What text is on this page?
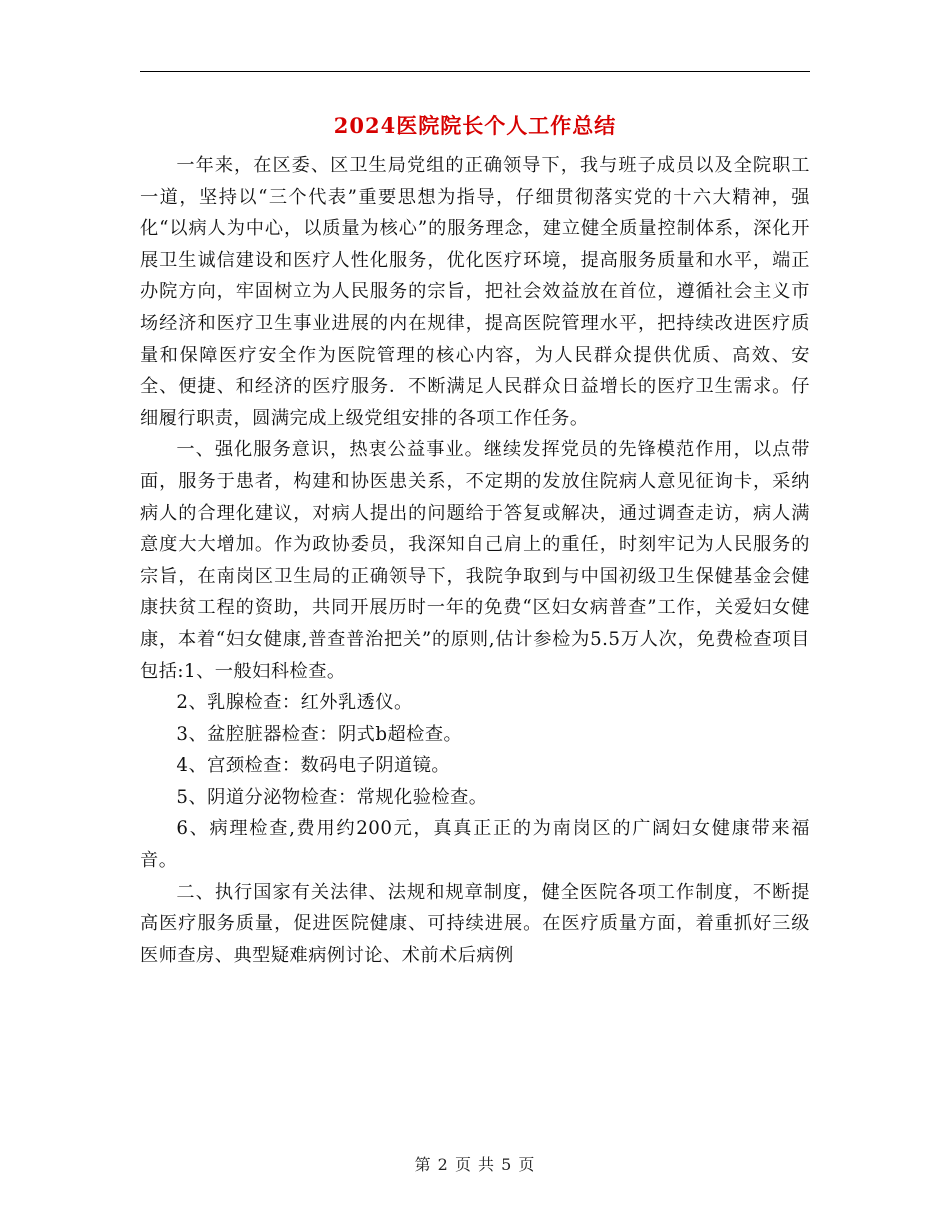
2024医院院长个人工作总结

一年来，在区委、区卫生局党组的正确领导下，我与班子成员以及全院职工一道，坚持以“三个代表”重要思想为指导，仔细贯彻落实党的十六大精神，强化“以病人为中心，以质量为核心”的服务理念，建立健全质量控制体系，深化开展卫生诚信建设和医疗人性化服务，优化医疗环境，提高服务质量和水平，端正办院方向，牢固树立为人民服务的宗旨，把社会效益放在首位，遵循社会主义市场经济和医疗卫生事业进展的内在规律，提高医院管理水平，把持续改进医疗质量和保障医疗安全作为医院管理的核心内容，为人民群众提供优质、高效、安全、便捷、和经济的医疗服务．不断满足人民群众日益增长的医疗卫生需求。仔细履行职责，圆满完成上级党组安排的各项工作任务。

一、强化服务意识，热衷公益事业。继续发挥党员的先锋模范作用，以点带面，服务于患者，构建和协医患关系，不定期的发放住院病人意见征询卡，采纳病人的合理化建议，对病人提出的问题给于答复或解决，通过调查走访，病人满意度大大增加。作为政协委员，我深知自己肩上的重任，时刻牢记为人民服务的宗旨，在南岗区卫生局的正确领导下，我院争取到与中国初级卫生保健基金会健康扶贫工程的资助，共同开展历时一年的免费“区妇女病普查”工作，关爱妇女健康，本着“妇女健康,普查普治把关”的原则,估计参检为5.5万人次，免费检查项目包括:1、一般妇科检查。

2、乳腺检查：红外乳透仪。

3、盆腔脏器检查：阴式b超检查。

4、宫颈检查：数码电子阴道镜。

5、阴道分泌物检查：常规化验检查。

6、病理检查,费用约200元，真真正正的为南岗区的广阔妇女健康带来福音。

二、执行国家有关法律、法规和规章制度，健全医院各项工作制度，不断提高医疗服务质量，促进医院健康、可持续进展。在医疗质量方面，着重抓好三级医师查房、典型疑难病例讨论、术前术后病例

第 2 页 共 5 页
